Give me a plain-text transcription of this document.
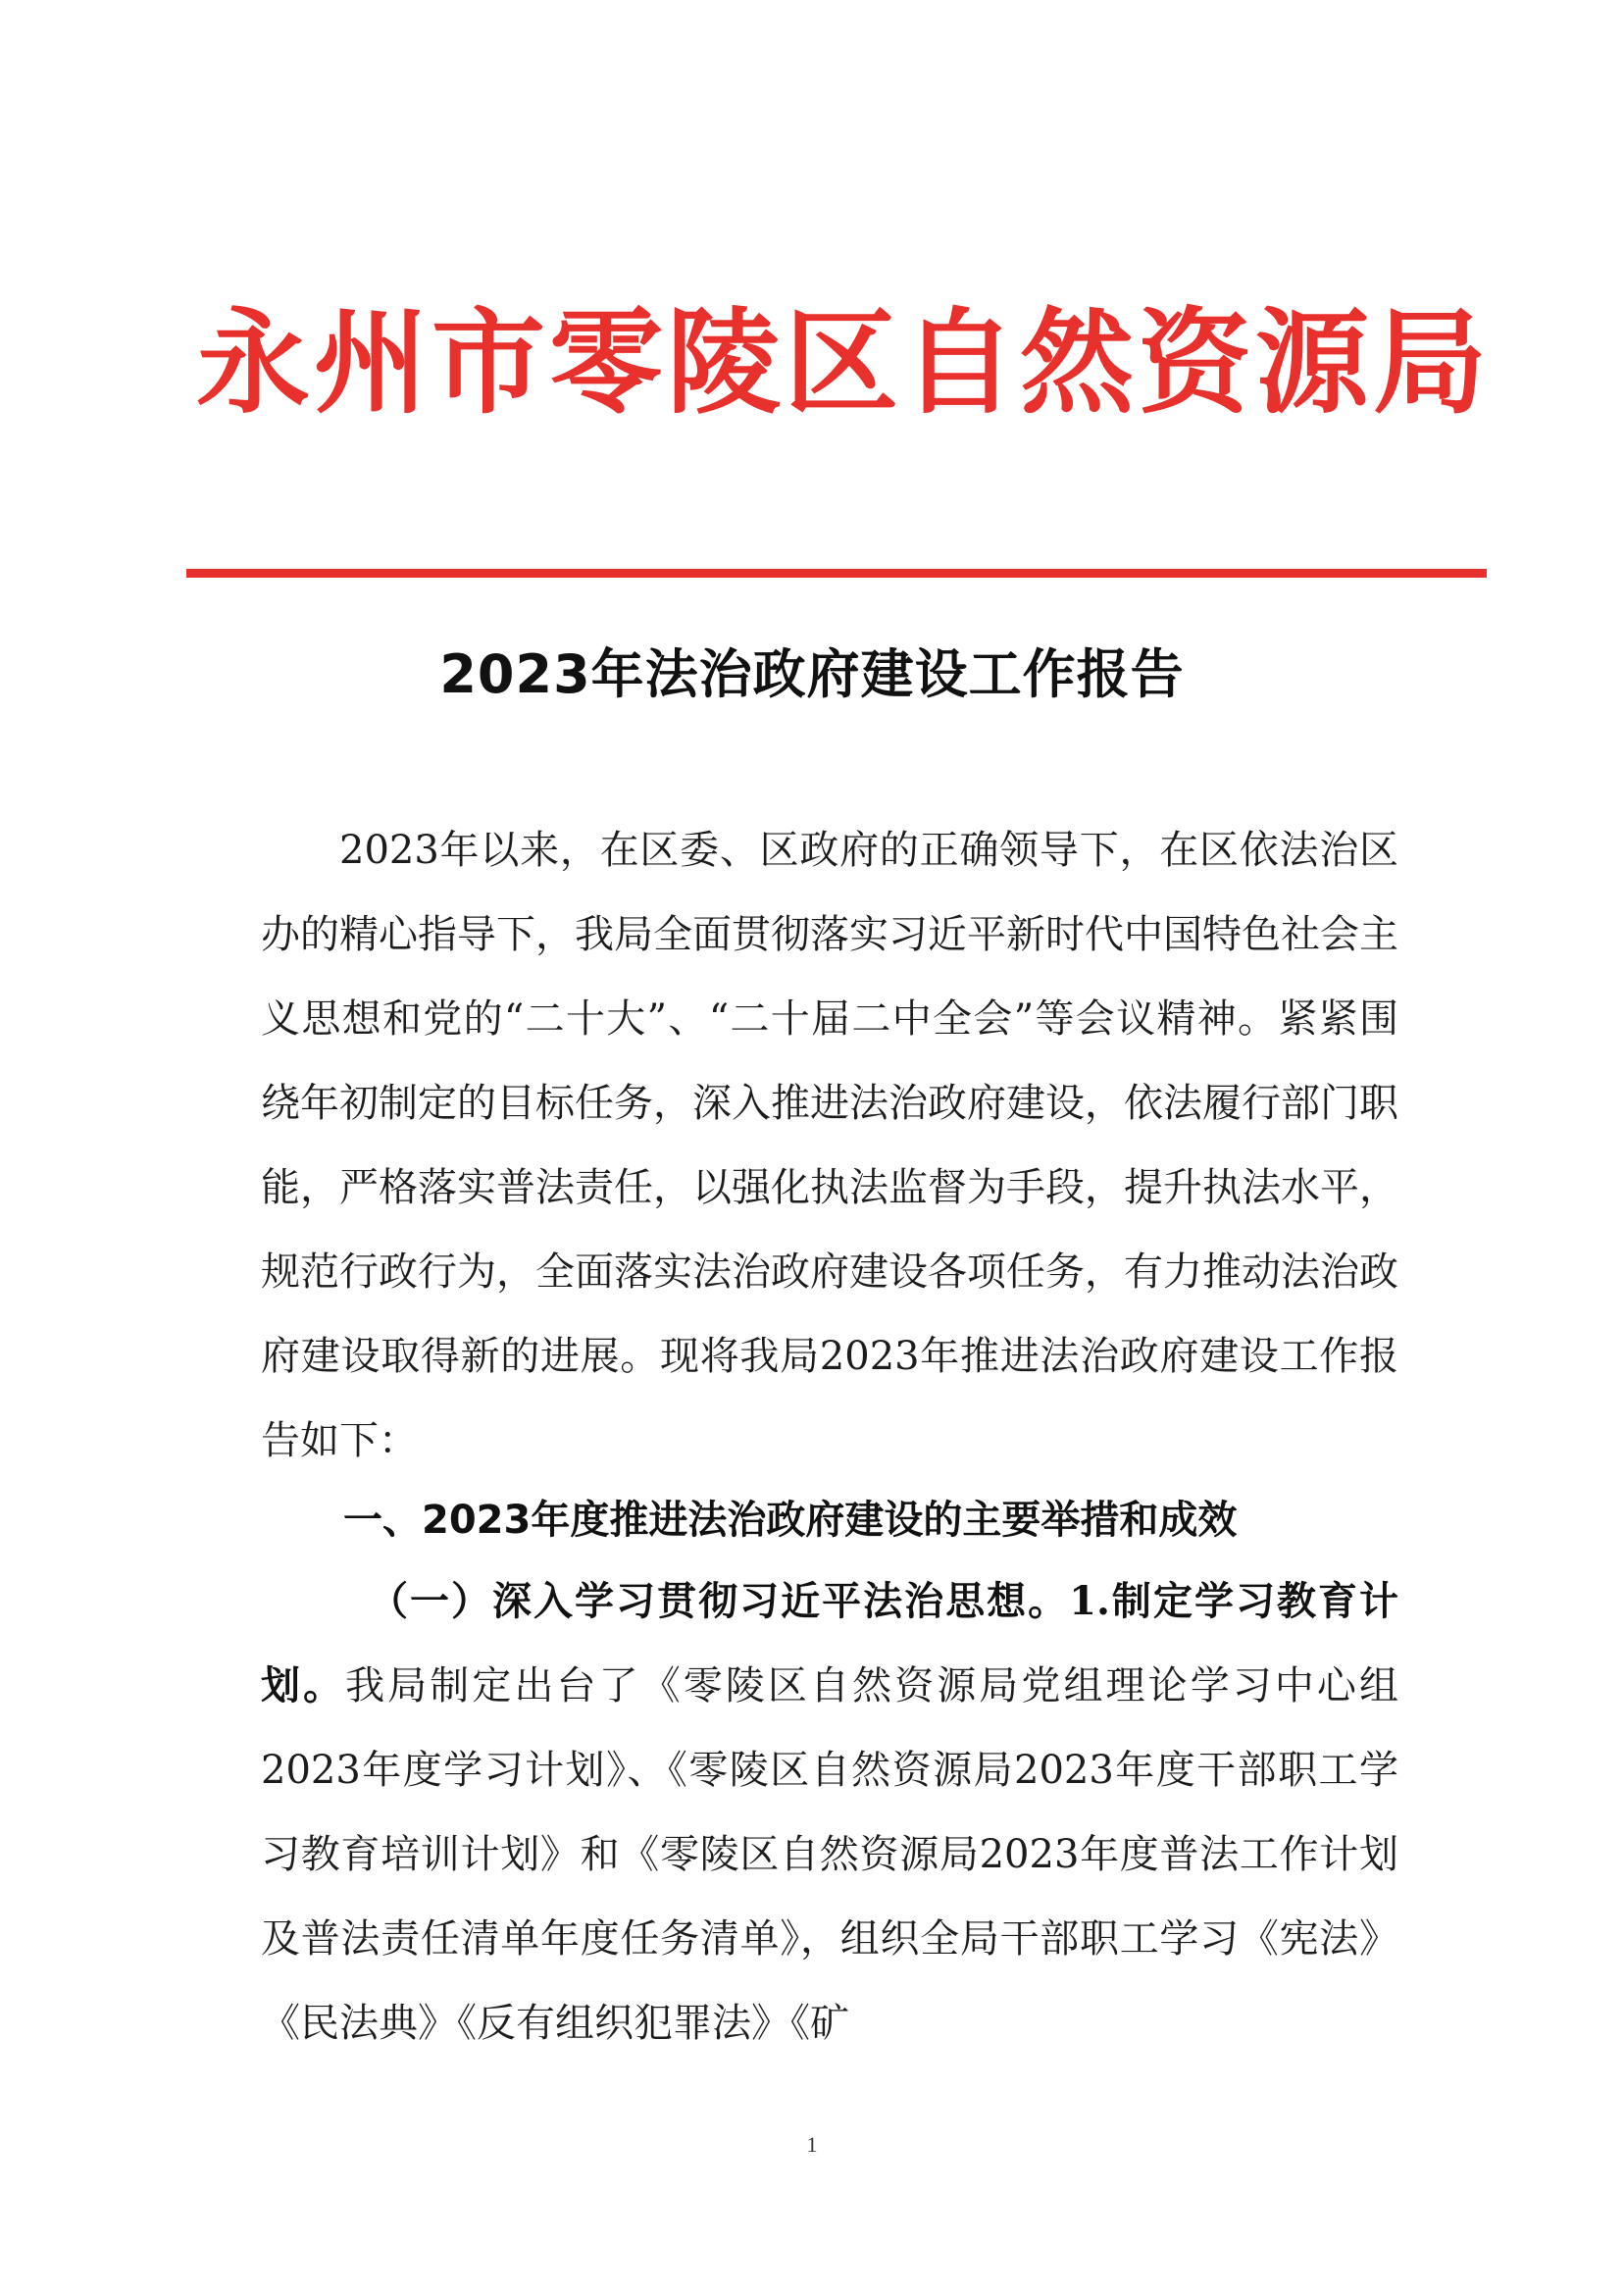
永州市零陵区自然资源局
2023年法治政府建设工作报告
2023年以来，在区委、区政府的正确领导下，在区依法治区办的精心指导下，我局全面贯彻落实习近平新时代中国特色社会主义思想和党的“二十大”、“二十届二中全会”等会议精神。紧紧围绕年初制定的目标任务，深入推进法治政府建设，依法履行部门职能，严格落实普法责任，以强化执法监督为手段，提升执法水平，规范行政行为，全面落实法治政府建设各项任务，有力推动法治政府建设取得新的进展。现将我局2023年推进法治政府建设工作报告如下：
一、2023年度推进法治政府建设的主要举措和成效
（一）深入学习贯彻习近平法治思想。1.制定学习教育计划。我局制定出台了《零陵区自然资源局党组理论学习中心组2023年度学习计划》、《零陵区自然资源局2023年度干部职工学习教育培训计划》和《零陵区自然资源局2023年度普法工作计划及普法责任清单年度任务清单》，组织全局干部职工学习《宪法》《民法典》《反有组织犯罪法》《矿
1
